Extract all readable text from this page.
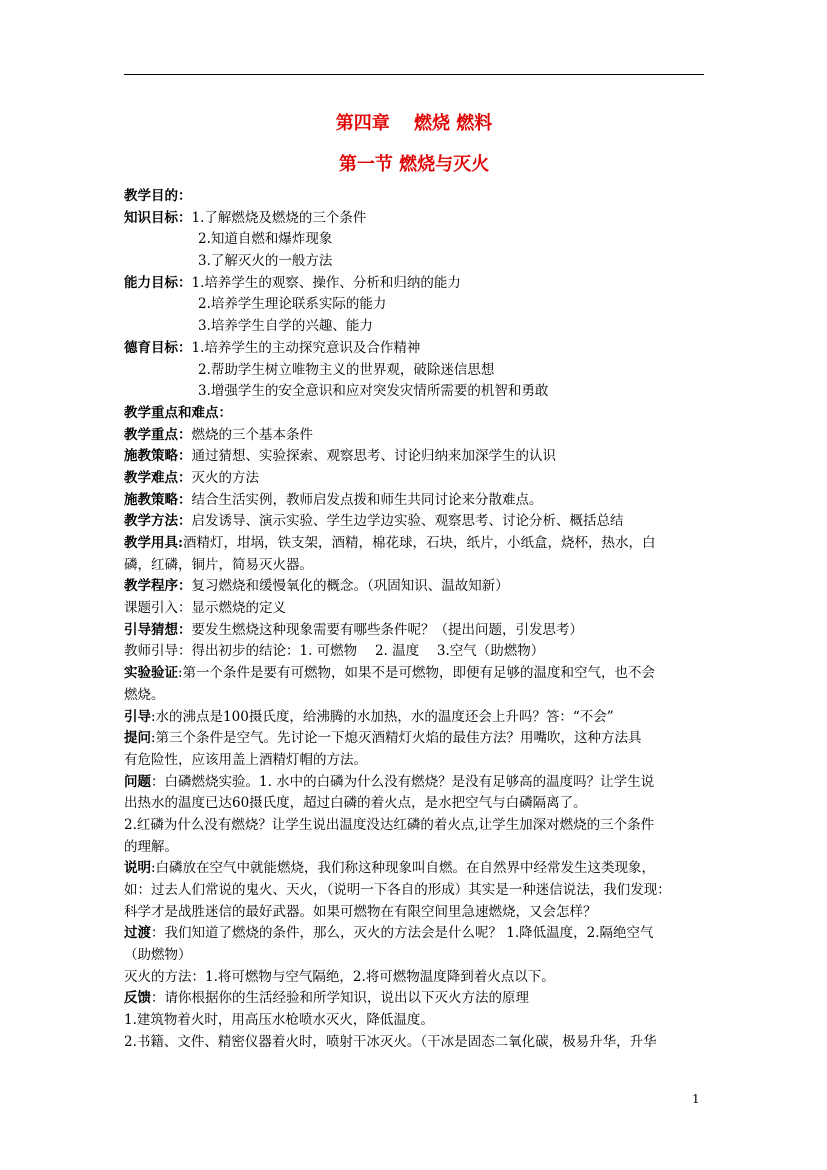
第四章　 燃烧 燃料
第一节 燃烧与灭火
教学目的：
知识目标：1.了解燃烧及燃烧的三个条件
2.知道自燃和爆炸现象
3.了解灭火的一般方法
能力目标：1.培养学生的观察、操作、分析和归纳的能力
2.培养学生理论联系实际的能力
3.培养学生自学的兴趣、能力
德育目标：1.培养学生的主动探究意识及合作精神
2.帮助学生树立唯物主义的世界观，破除迷信思想
3.增强学生的安全意识和应对突发灾情所需要的机智和勇敢
教学重点和难点：
教学重点：燃烧的三个基本条件
施教策略：通过猜想、实验探索、观察思考、讨论归纳来加深学生的认识
教学难点：灭火的方法
施教策略：结合生活实例，教师启发点拨和师生共同讨论来分散难点。
教学方法：启发诱导、演示实验、学生边学边实验、观察思考、讨论分析、概括总结
教学用具:酒精灯，坩埚，铁支架，酒精，棉花球，石块，纸片，小纸盒，烧杯，热水，白
磷，红磷，铜片，简易灭火器。
教学程序：复习燃烧和缓慢氧化的概念。（巩固知识、温故知新）
课题引入：显示燃烧的定义
引导猜想：要发生燃烧这种现象需要有哪些条件呢？（提出问题，引发思考）
教师引导：得出初步的结论：1. 可燃物　 2. 温度　 3.空气（助燃物）
实验验证:第一个条件是要有可燃物，如果不是可燃物，即便有足够的温度和空气，也不会
燃烧。
引导:水的沸点是100摄氏度，给沸腾的水加热，水的温度还会上升吗？答：“不会”
提问:第三个条件是空气。先讨论一下熄灭酒精灯火焰的最佳方法？用嘴吹，这种方法具
有危险性，应该用盖上酒精灯帽的方法。
问题：白磷燃烧实验。1. 水中的白磷为什么没有燃烧？是没有足够高的温度吗？让学生说
出热水的温度已达60摄氏度，超过白磷的着火点，是水把空气与白磷隔离了。
2.红磷为什么没有燃烧？让学生说出温度没达红磷的着火点,让学生加深对燃烧的三个条件
的理解。
说明:白磷放在空气中就能燃烧，我们称这种现象叫自燃。在自然界中经常发生这类现象，
如：过去人们常说的鬼火、天火，（说明一下各自的形成）其实是一种迷信说法，我们发现：
科学才是战胜迷信的最好武器。如果可燃物在有限空间里急速燃烧，又会怎样？
过渡：我们知道了燃烧的条件，那么，灭火的方法会是什么呢？ 1.降低温度，2.隔绝空气
（助燃物）
灭火的方法：1.将可燃物与空气隔绝，2.将可燃物温度降到着火点以下。
反馈：请你根据你的生活经验和所学知识，说出以下灭火方法的原理
1.建筑物着火时，用高压水枪喷水灭火，降低温度。
2.书籍、文件、精密仪器着火时，喷射干冰灭火。（干冰是固态二氧化碳，极易升华，升华
1
